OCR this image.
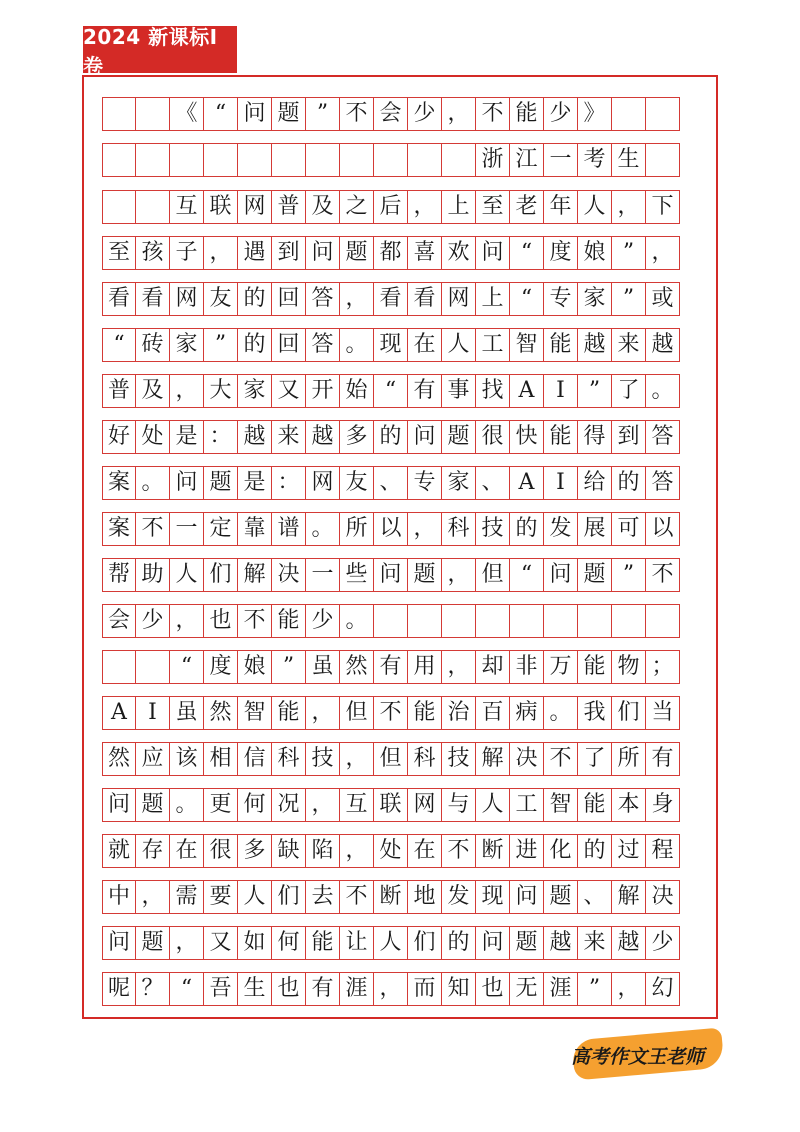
2024 新课标Ⅰ卷
《 “ 问 题 ” 不 会 少 ， 不 能 少 》
浙 江 一 考 生
互 联 网 普 及 之 后 ， 上 至 老 年 人 ， 下
至 孩 子 ， 遇 到 问 题 都 喜 欢 问 “ 度 娘 ” ，
看 看 网 友 的 回 答 ， 看 看 网 上 “ 专 家 ” 或
“ 砖 家 ” 的 回 答 。 现 在 人 工 智 能 越 来 越
普 及 ， 大 家 又 开 始 “ 有 事 找 A I	” 了 。
好 处 是 ： 越 来 越 多 的 问 题 很 快 能 得 到 答
案 。 问 题 是 ： 网 友 、 专 家 、 A I 给 的 答
案 不 一 定 靠 谱 。 所 以 ， 科 技 的 发 展 可 以
帮 助 人 们 解 决 一 些 问 题 ， 但 “ 问 题 ” 不
会 少 ， 也 不 能 少 。
“ 度 娘 ” 虽 然 有 用 ， 却 非 万 能 物 ；
A I 虽 然 智 能 ， 但 不 能 治 百 病 。 我 们 当
然 应 该 相 信 科 技 ， 但 科 技 解 决 不 了 所 有
问 题 。 更 何 况 ， 互 联 网 与 人 工 智 能 本 身
就 存 在 很 多 缺 陷 ， 处 在 不 断 进 化 的 过 程
中 ， 需 要 人 们 去 不 断 地 发 现 问 题 、 解 决
问 题 ， 又 如 何 能 让 人 们 的 问 题 越 来 越 少
呢 ？ “ 吾 生 也 有 涯 ， 而 知 也 无 涯 ” ， 幻
高考作文王老师
